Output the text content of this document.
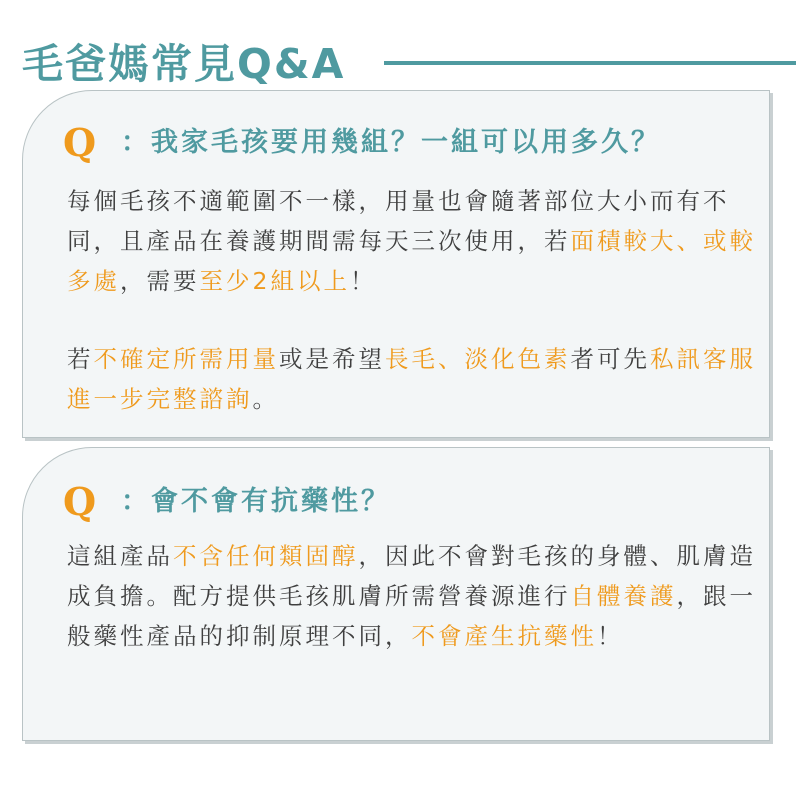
毛爸媽常見Q&A
Q ：我家毛孩要用幾組？一組可以用多久？

每個毛孩不適範圍不一樣，用量也會隨著部位大小而有不同，且產品在養護期間需每天三次使用，若面積較大、或較多處，需要至少2組以上！

若不確定所需用量或是希望長毛、淡化色素者可先私訊客服進一步完整諮詢。

Q ：會不會有抗藥性？

這組產品不含任何類固醇，因此不會對毛孩的身體、肌膚造成負擔。配方提供毛孩肌膚所需營養源進行自體養護，跟一般藥性產品的抑制原理不同，不會產生抗藥性！
